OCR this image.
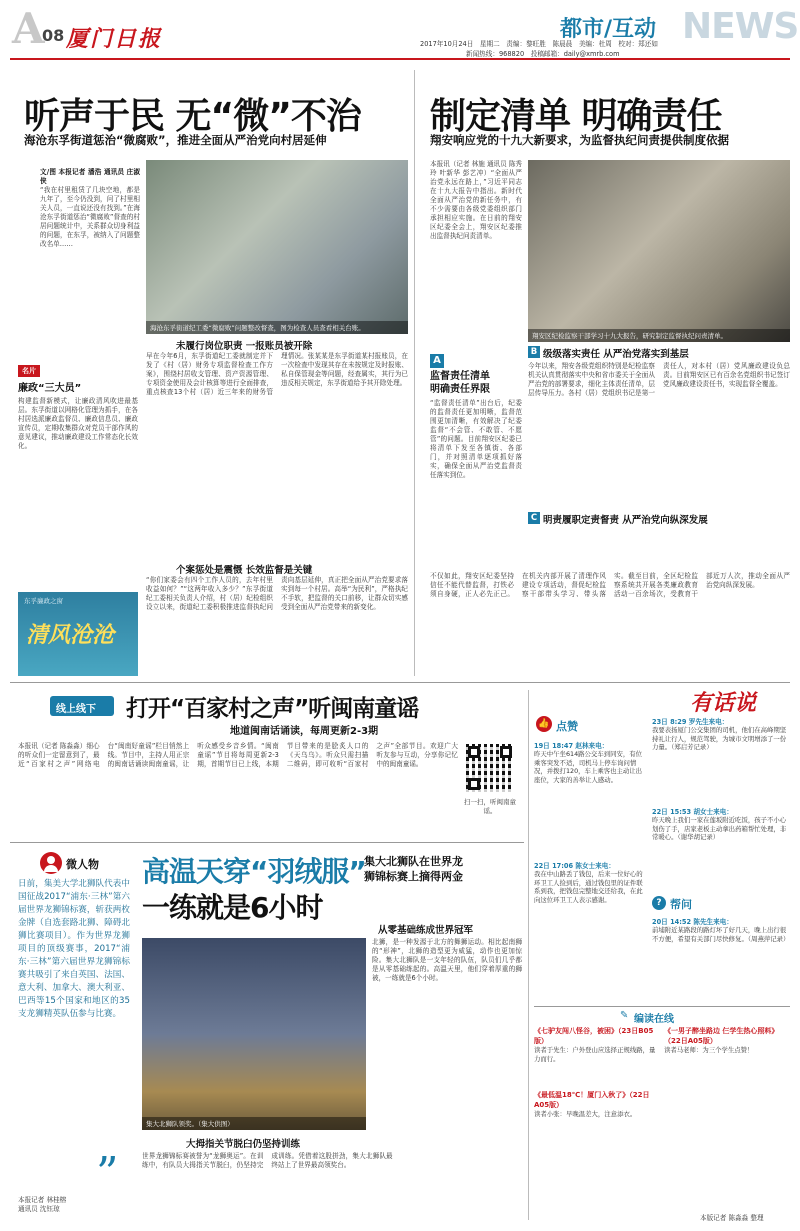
A
08 厦门日报	都市/互动 NEWS
2017年10月24日　星期二　责编：黎旺胜　陈晨晨　美编：杜周　校对：郑还如
新闻热线：968820　投稿邮箱：daily@xmrb.com
听声于民 无“微”不治
海沧东孚街道惩治“微腐败”，推进全面从严治党向村居延伸
文/图 本报记者 潘浩 通讯员 庄淑侠
“我在村里租赁了几块空地，都是九年了，至今仍没到，问了村里相关人员，一直说还没有找到。”在海沧东孚街道惩治“微腐败”督查的村居问题统计中，关系群众切身利益的问题，在东孚，被纳入了问题整改名单……
海沧东孚街道纪工委“微腐败”问题整改督查，图为检查人员查看相关台账。
未履行岗位职责 一报账员被开除
早在今年6月，东孚街道纪工委就制定并下发了《村（居）财务专项监督检查工作方案》，围绕村居收支管理、资产资源管理、专项资金使用及会计核算等进行全面排查，重点核查13个村（居）近三年来的财务管理情况。张某某是东孚街道某村报账员，在一次检查中发现其存在未按规定及时报账、私自保管现金等问题，经查属实，其行为已违反相关规定，东孚街道给予其开除处理。
名片
廉政“三大员”
构建监督新模式，让廉政清风吹进最基层。东孚街道以网格化管理为抓手，在各村居选派廉政监督员、廉政信息员、廉政宣传员，定期收集群众对党员干部作风的意见建议，推动廉政建设工作常态化长效化。
个案惩处是震慑 长效监督是关键
“你们家委会有四个工作人员的，去年村里收益如何？”“这两年收入多少？”东孚街道纪工委相关负责人介绍，村（居）纪检组织设立以来，街道纪工委积极推进监督执纪问责向基层延伸，真正把全面从严治党要求落实到每一个村居。高举“为民利”，严格执纪不手软，把监督的关口前移，让群众切实感受到全面从严治党带来的新变化。
东孚廉政之窗
清风沧沧
制定清单 明确责任
翔安响应党的十九大新要求，为监督执纪问责提供制度依据
本报讯（记者 林施 通讯员 陈秀玲 叶新华 彭艺冲）“全面从严治党永远在路上，”习近平同志在十九大报告中指出。新时代全面从严治党的新任务中，有不少需要由各级党委组织部门承担相应实施。在日前的翔安区纪委全会上，翔安区纪委推出监督执纪问责清单。
翔安区纪检监察干部学习十九大报告，研究制定监督执纪问责清单。
A
监督责任清单
明确责任界限
“监督责任清单”出台后，纪委的监督责任更加明晰，监督范围更加清晰，有效解决了纪委监督“不会管、不敢管、不愿管”的问题。目前翔安区纪委已将清单下发至各镇街、各部门，并对照清单逐项抓好落实，确保全面从严治党监督责任落实到位。
B 级级落实责任 从严治党落实到基层
今年以来，翔安各级党组织特别是纪检监察机关认真贯彻落实中央和省市委关于全面从严治党的部署要求，细化主体责任清单，层层传导压力。各村（居）党组织书记是第一责任人，对本村（居）党风廉政建设负总责。目前翔安区已有百余名党组织书记签订党风廉政建设责任书，实现监督全覆盖。
C 明责履职定责督责 从严治党向纵深发展
不仅如此，翔安区纪委坚持信任不能代替监督，打铁必须自身硬，正人必先正己。在机关内部开展了清理作风建设专项活动，督促纪检监察干部带头学习、带头落实。截至目前，全区纪检监察系统共开展各类廉政教育活动一百余场次，受教育干部近万人次，推动全面从严治党向纵深发展。
线上线下 打开“百家村之声”听闽南童谣
地道闽南话诵读，每周更新2-3期
本报讯（记者 陈淼淼）细心的听众们一定留意到了，最近“百家村之声”网络电台“闽南好童谣”栏目悄然上线。节目中，主持人用正宗的闽南话诵读闽南童谣，让听众感受乡音乡情。“闽南童谣”节目将每周更新2-3期，首期节目已上线，本期节目带来的是脍炙人口的《天乌乌》。听众只需扫描二维码，即可收听“百家村之声”全部节目。欢迎广大听友参与互动，分享你记忆中的闽南童谣。
扫一扫，听闽南童谣。
微人物
日前，集美大学北狮队代表中国征战2017“浦东·三林”第六届世界龙狮锦标赛，斩获两枚金牌（自选套路北狮、障碍北狮比赛项目）。作为世界龙狮项目的顶级赛事，2017“浦东·三林”第六届世界龙狮锦标赛共吸引了来自英国、法国、意大利、加拿大、澳大利亚、巴西等15个国家和地区的35支龙狮精英队伍参与比赛。
”
本报记者 林桂榕
通讯员 沈钰琼
高温天穿“羽绒服”
一练就是6小时
集大北狮队在世界龙狮锦标赛上摘得两金
集大北狮队领奖。（集大供图）
从零基础练成世界冠军
北狮，是一种发源于北方的舞狮运动。相比起南狮的“形神”，北狮的造型更为威猛，动作也更加惊险。集大北狮队是一支年轻的队伍，队员们几乎都是从零基础练起的。高温天里，他们穿着厚重的狮被，一练就是6个小时。
大拇指关节脱臼仍坚持训练
世界龙狮锦标赛被誉为“龙狮奥运”。在训练中，有队员大拇指关节脱臼，仍坚持完成训练。凭借着这股拼劲，集大北狮队最终站上了世界最高领奖台。
有话说
👍 点赞
19日 18:47 赵林来电：
昨天中午坐614路公交车到同安，有位乘客突发不适，司机马上停车询问情况，并拨打120，车上乘客也主动让出座位，大家的善举让人感动。
22日 17:06 陈女士来电：
我在中山路丢了钱包，后来一位好心的环卫工人捡到后，通过钱包里的证件联系到我，把钱包完整地交还给我，在此向这位环卫工人表示感谢。
23日 8:29 罗先生来电：
我要表扬厦门公交集团的司机，他们在高峰期坚持礼让行人，规范驾驶，为城市文明增添了一份力量。（郑启芳记录）
22日 15:53 胡女士来电：
昨天晚上我们一家在莲坂附近吃饭，孩子不小心划伤了手，店家老板主动拿出药箱帮忙处理，非常暖心。（谢华胡记录）
? 帮问
20日 14:52 陈先生来电：
前埔附近某路段的路灯坏了好几天，晚上出行很不方便，希望有关部门尽快修复。（周燕萍记录）
✎ 编读在线
《七驴友闯八怪谷，被困》（23日B05版）
读者于先生：户外登山应选择正规线路，量力而行。
《最低温18℃！厦门入秋了》（22日A05版）
读者小张：早晚温差大，注意添衣。
《一男子醉坐路边 仨学生热心照料》（22日A05版）
读者马老师：为三个学生点赞！
本版记者 陈淼淼 整理
